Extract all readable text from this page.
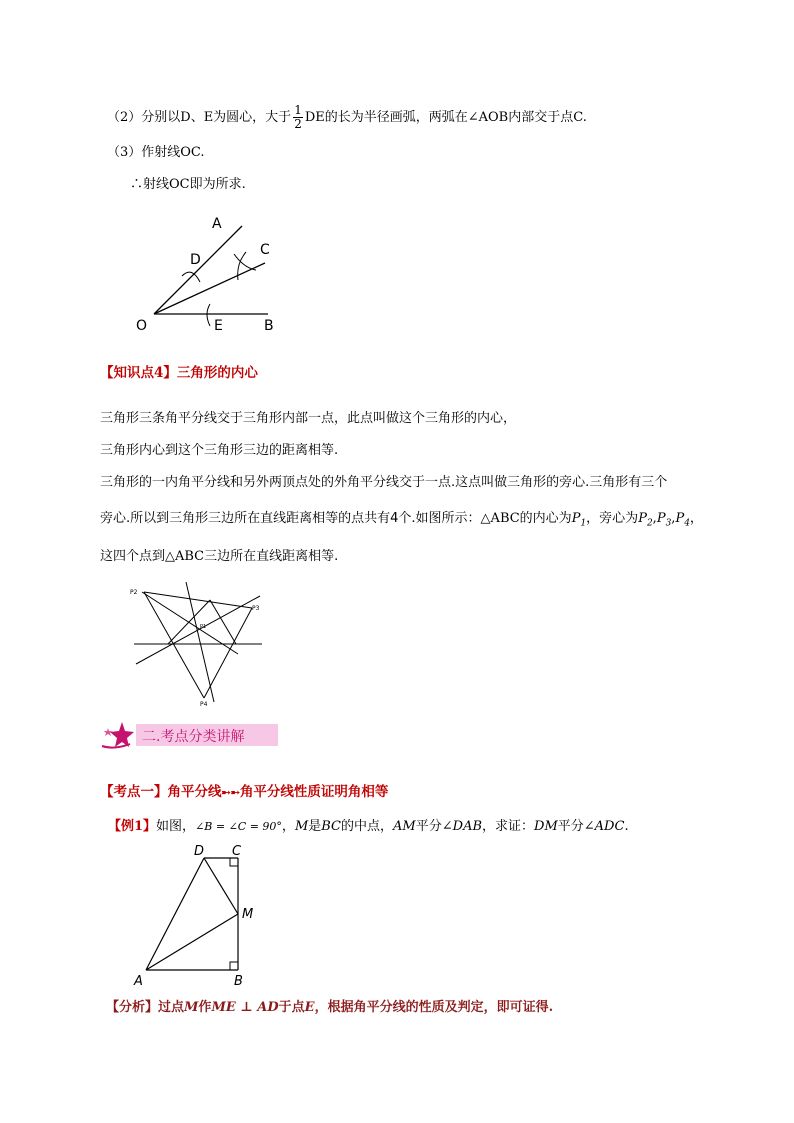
（2）分别以D、E为圆心，大于 $\frac{1}{2}$ DE的长为半径画弧，两弧在∠AOB内部交于点C.
（3）作射线OC.
∴射线OC即为所求.
A
C
D
O	E	B
【知识点4】三角形的内心
三角形三条角平分线交于三角形内部一点，此点叫做这个三角形的内心，
三角形内心到这个三角形三边的距离相等.
三角形的一内角平分线和另外两顶点处的外角平分线交于一点.这点叫做三角形的旁心.三角形有三个
旁心.所以到三角形三边所在直线距离相等的点共有4个.如图所示：△ABC的内心为$P_1$，旁心为$P_2,P_3,P_4$，
这四个点到△ABC三边所在直线距离相等.
P2
P3
P4
P1
二.考点分类讲解
【考点一】角平分线➸➸角平分线性质证明角相等
【例1】如图，∠B = ∠C = 90°，M是BC的中点，AM平分∠DAB，求证：DM平分∠ADC.
D C
M
A	B
【分析】过点M作ME ⊥ AD于点E，根据角平分线的性质及判定，即可证得.
